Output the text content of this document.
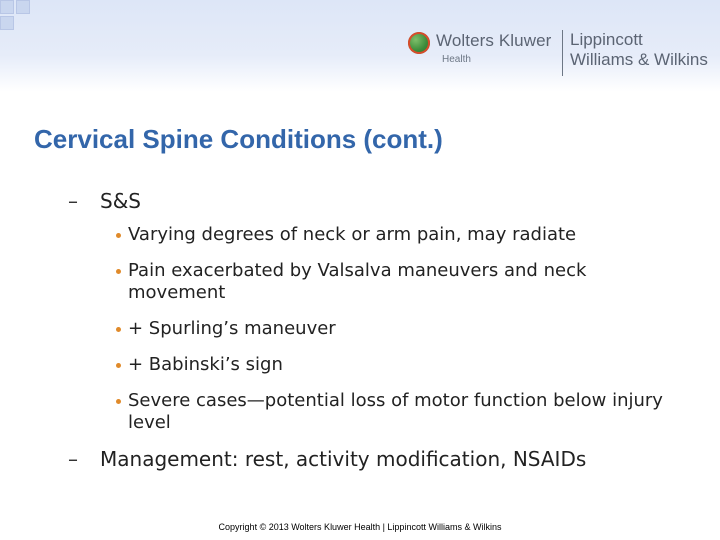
Wolters Kluwer
Health
Lippincott
Williams & Wilkins
Cervical Spine Conditions (cont.)
– S&S
Varying degrees of neck or arm pain, may radiate
Pain exacerbated by Valsalva maneuvers and neck movement
+ Spurling’s maneuver
+ Babinski’s sign
Severe cases—potential loss of motor function below injury level
– Management: rest, activity modification, NSAIDs
Copyright © 2013 Wolters Kluwer Health | Lippincott Williams & Wilkins
